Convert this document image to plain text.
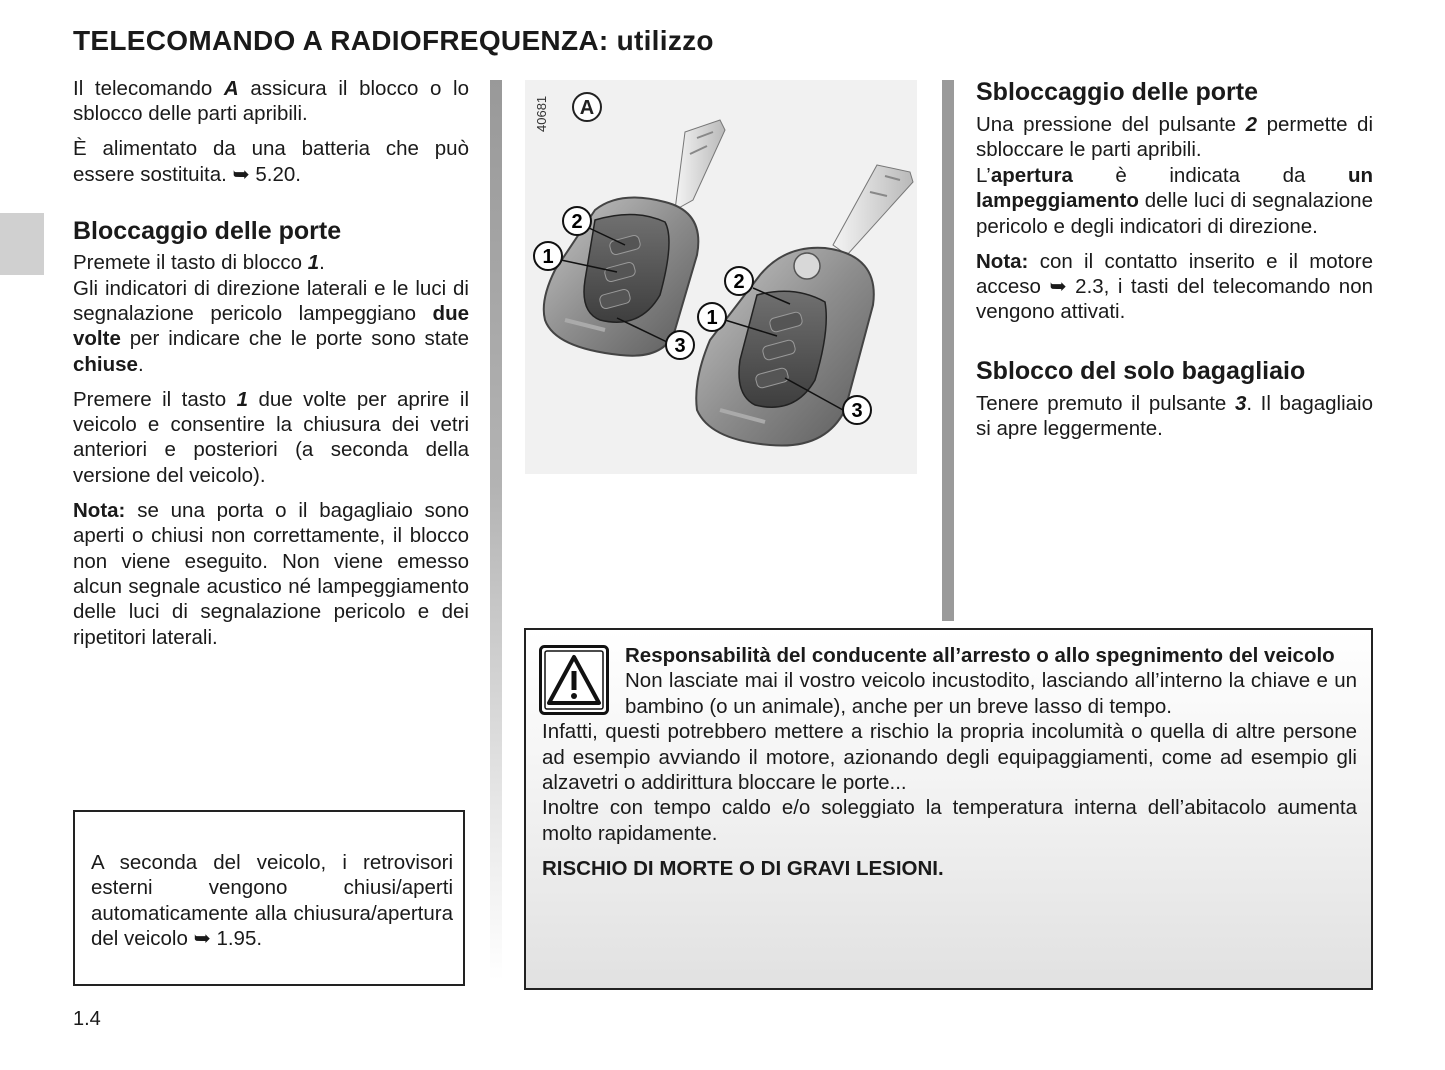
TELECOMANDO A RADIOFREQUENZA: utilizzo

Il telecomando A assicura il blocco o lo sblocco delle parti apribili.

È alimentato da una batteria che può essere sostituita. ➥ 5.20.

Bloccaggio delle porte

Premete il tasto di blocco 1.
Gli indicatori di direzione laterali e le luci di segnalazione pericolo lampeggiano due volte per indicare che le porte sono state chiuse.

Premere il tasto 1 due volte per aprire il veicolo e consentire la chiusura dei vetri anteriori e posteriori (a seconda della versione del veicolo).

Nota: se una porta o il bagagliaio sono aperti o chiusi non correttamente, il blocco non viene eseguito. Non viene emesso alcun segnale acustico né lampeggiamento delle luci di segnalazione pericolo e dei ripetitori laterali.

A seconda del veicolo, i retrovisori esterni vengono chiusi/aperti automaticamente alla chiusura/apertura del veicolo ➥ 1.95.
40681 A
2
1
3
2
1
3
Sbloccaggio delle porte

Una pressione del pulsante 2 permette di sbloccare le parti apribili.
L’apertura è indicata da un lampeggiamento delle luci di segnalazione pericolo e degli indicatori di direzione.

Nota: con il contatto inserito e il motore acceso ➥ 2.3, i tasti del telecomando non vengono attivati.

Sblocco del solo bagagliaio

Tenere premuto il pulsante 3. Il bagagliaio si apre leggermente.

Responsabilità del conducente all’arresto o allo spegnimento del veicolo

Non lasciate mai il vostro veicolo incustodito, lasciando all’interno la chiave e un bambino (o un animale), anche per un breve lasso di tempo.

Infatti, questi potrebbero mettere a rischio la propria incolumità o quella di altre persone ad esempio avviando il motore, azionando degli equipaggiamenti, come ad esempio gli alzavetri o addirittura bloccare le porte...

Inoltre con tempo caldo e/o soleggiato la temperatura interna dell’abitacolo aumenta molto rapidamente.

RISCHIO DI MORTE O DI GRAVI LESIONI.

1.4
